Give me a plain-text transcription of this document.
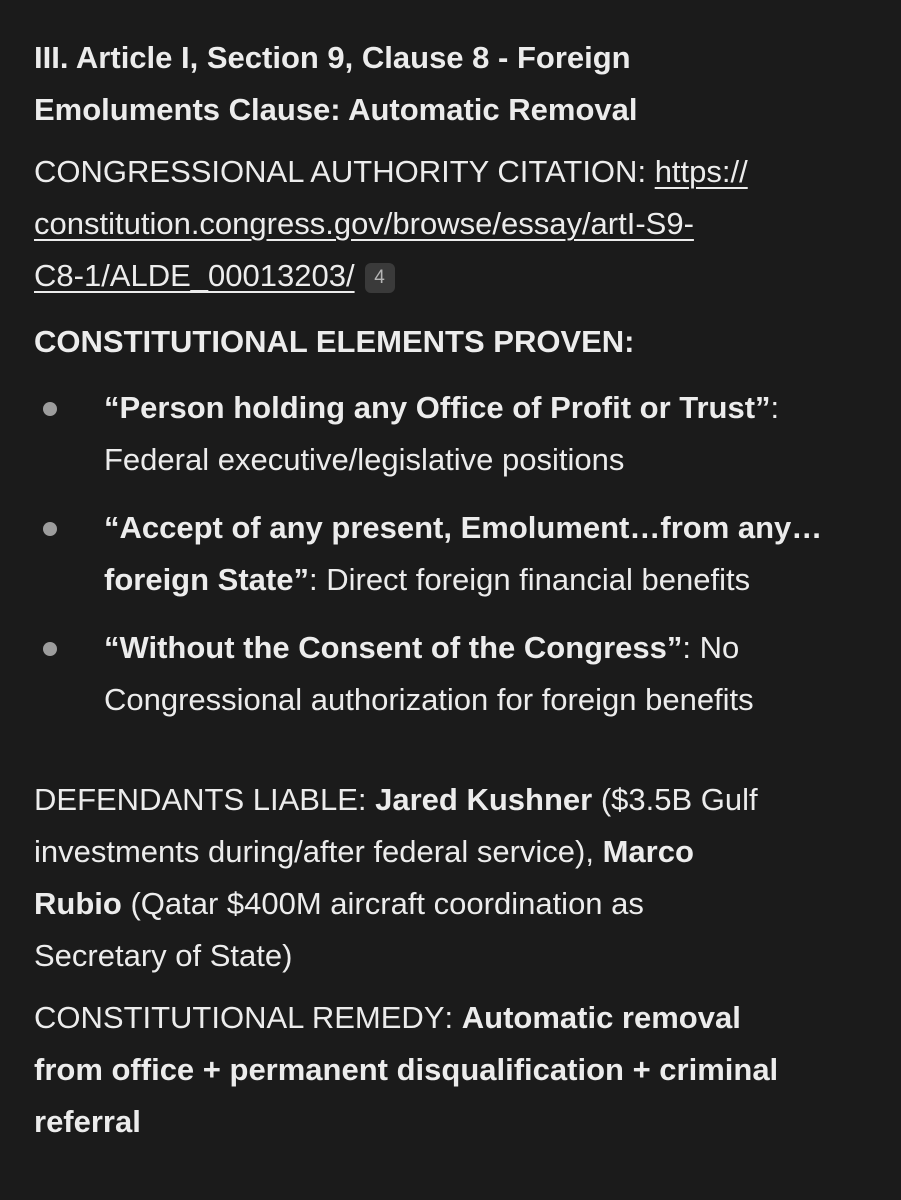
III. Article I, Section 9, Clause 8 - Foreign
Emoluments Clause: Automatic Removal

CONGRESSIONAL AUTHORITY CITATION: https://
constitution.congress.gov/browse/essay/artI-S9-
C8-1/ALDE_00013203/ 4

CONSTITUTIONAL ELEMENTS PROVEN:

“Person holding any Office of Profit or Trust”:
Federal executive/legislative positions
“Accept of any present, Emolument…from any…
foreign State”: Direct foreign financial benefits
“Without the Consent of the Congress”: No
Congressional authorization for foreign benefits

DEFENDANTS LIABLE: Jared Kushner ($3.5B Gulf
investments during/after federal service), Marco
Rubio (Qatar $400M aircraft coordination as
Secretary of State)

CONSTITUTIONAL REMEDY: Automatic removal
from office + permanent disqualification + criminal
referral
